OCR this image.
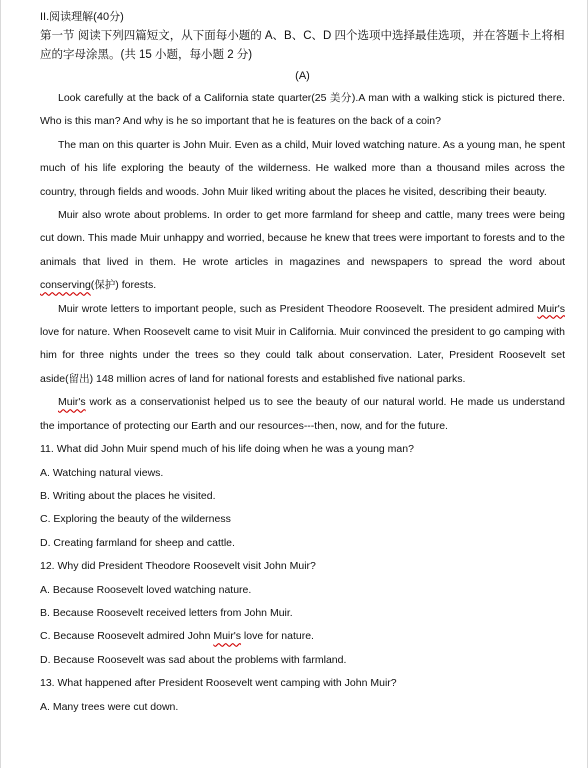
II.阅读理解(40分)

第一节 阅读下列四篇短文，从下面每小题的 A、B、C、D 四个选项中选择最佳选项，并在答题卡上将相应的字母涂黑。(共 15 小题，每小题 2 分)

(A)

Look carefully at the back of a California state quarter(25 美分).A man with a walking stick is pictured there. Who is this man? And why is he so important that he is features on the back of a coin?

The man on this quarter is John Muir. Even as a child, Muir loved watching nature. As a young man, he spent much of his life exploring the beauty of the wilderness. He walked more than a thousand miles across the country, through fields and woods. John Muir liked writing about the places he visited, describing their beauty.

Muir also wrote about problems. In order to get more farmland for sheep and cattle, many trees were being cut down. This made Muir unhappy and worried, because he knew that trees were important to forests and to the animals that lived in them. He wrote articles in magazines and newspapers to spread the word about conserving(保护) forests.

Muir wrote letters to important people, such as President Theodore Roosevelt. The president admired Muir's love for nature. When Roosevelt came to visit Muir in California. Muir convinced the president to go camping with him for three nights under the trees so they could talk about conservation. Later, President Roosevelt set aside(留出) 148 million acres of land for national forests and established five national parks.

Muir's work as a conservationist helped us to see the beauty of our natural world. He made us understand the importance of protecting our Earth and our resources---then, now, and for the future.

11. What did John Muir spend much of his life doing when he was a young man?

A. Watching natural views.

B. Writing about the places he visited.

C. Exploring the beauty of the wilderness

D. Creating farmland for sheep and cattle.

12. Why did President Theodore Roosevelt visit John Muir?

A. Because Roosevelt loved watching nature.

B. Because Roosevelt received letters from John Muir.

C. Because Roosevelt admired John Muir's love for nature.

D. Because Roosevelt was sad about the problems with farmland.

13. What happened after President Roosevelt went camping with John Muir?

A. Many trees were cut down.
